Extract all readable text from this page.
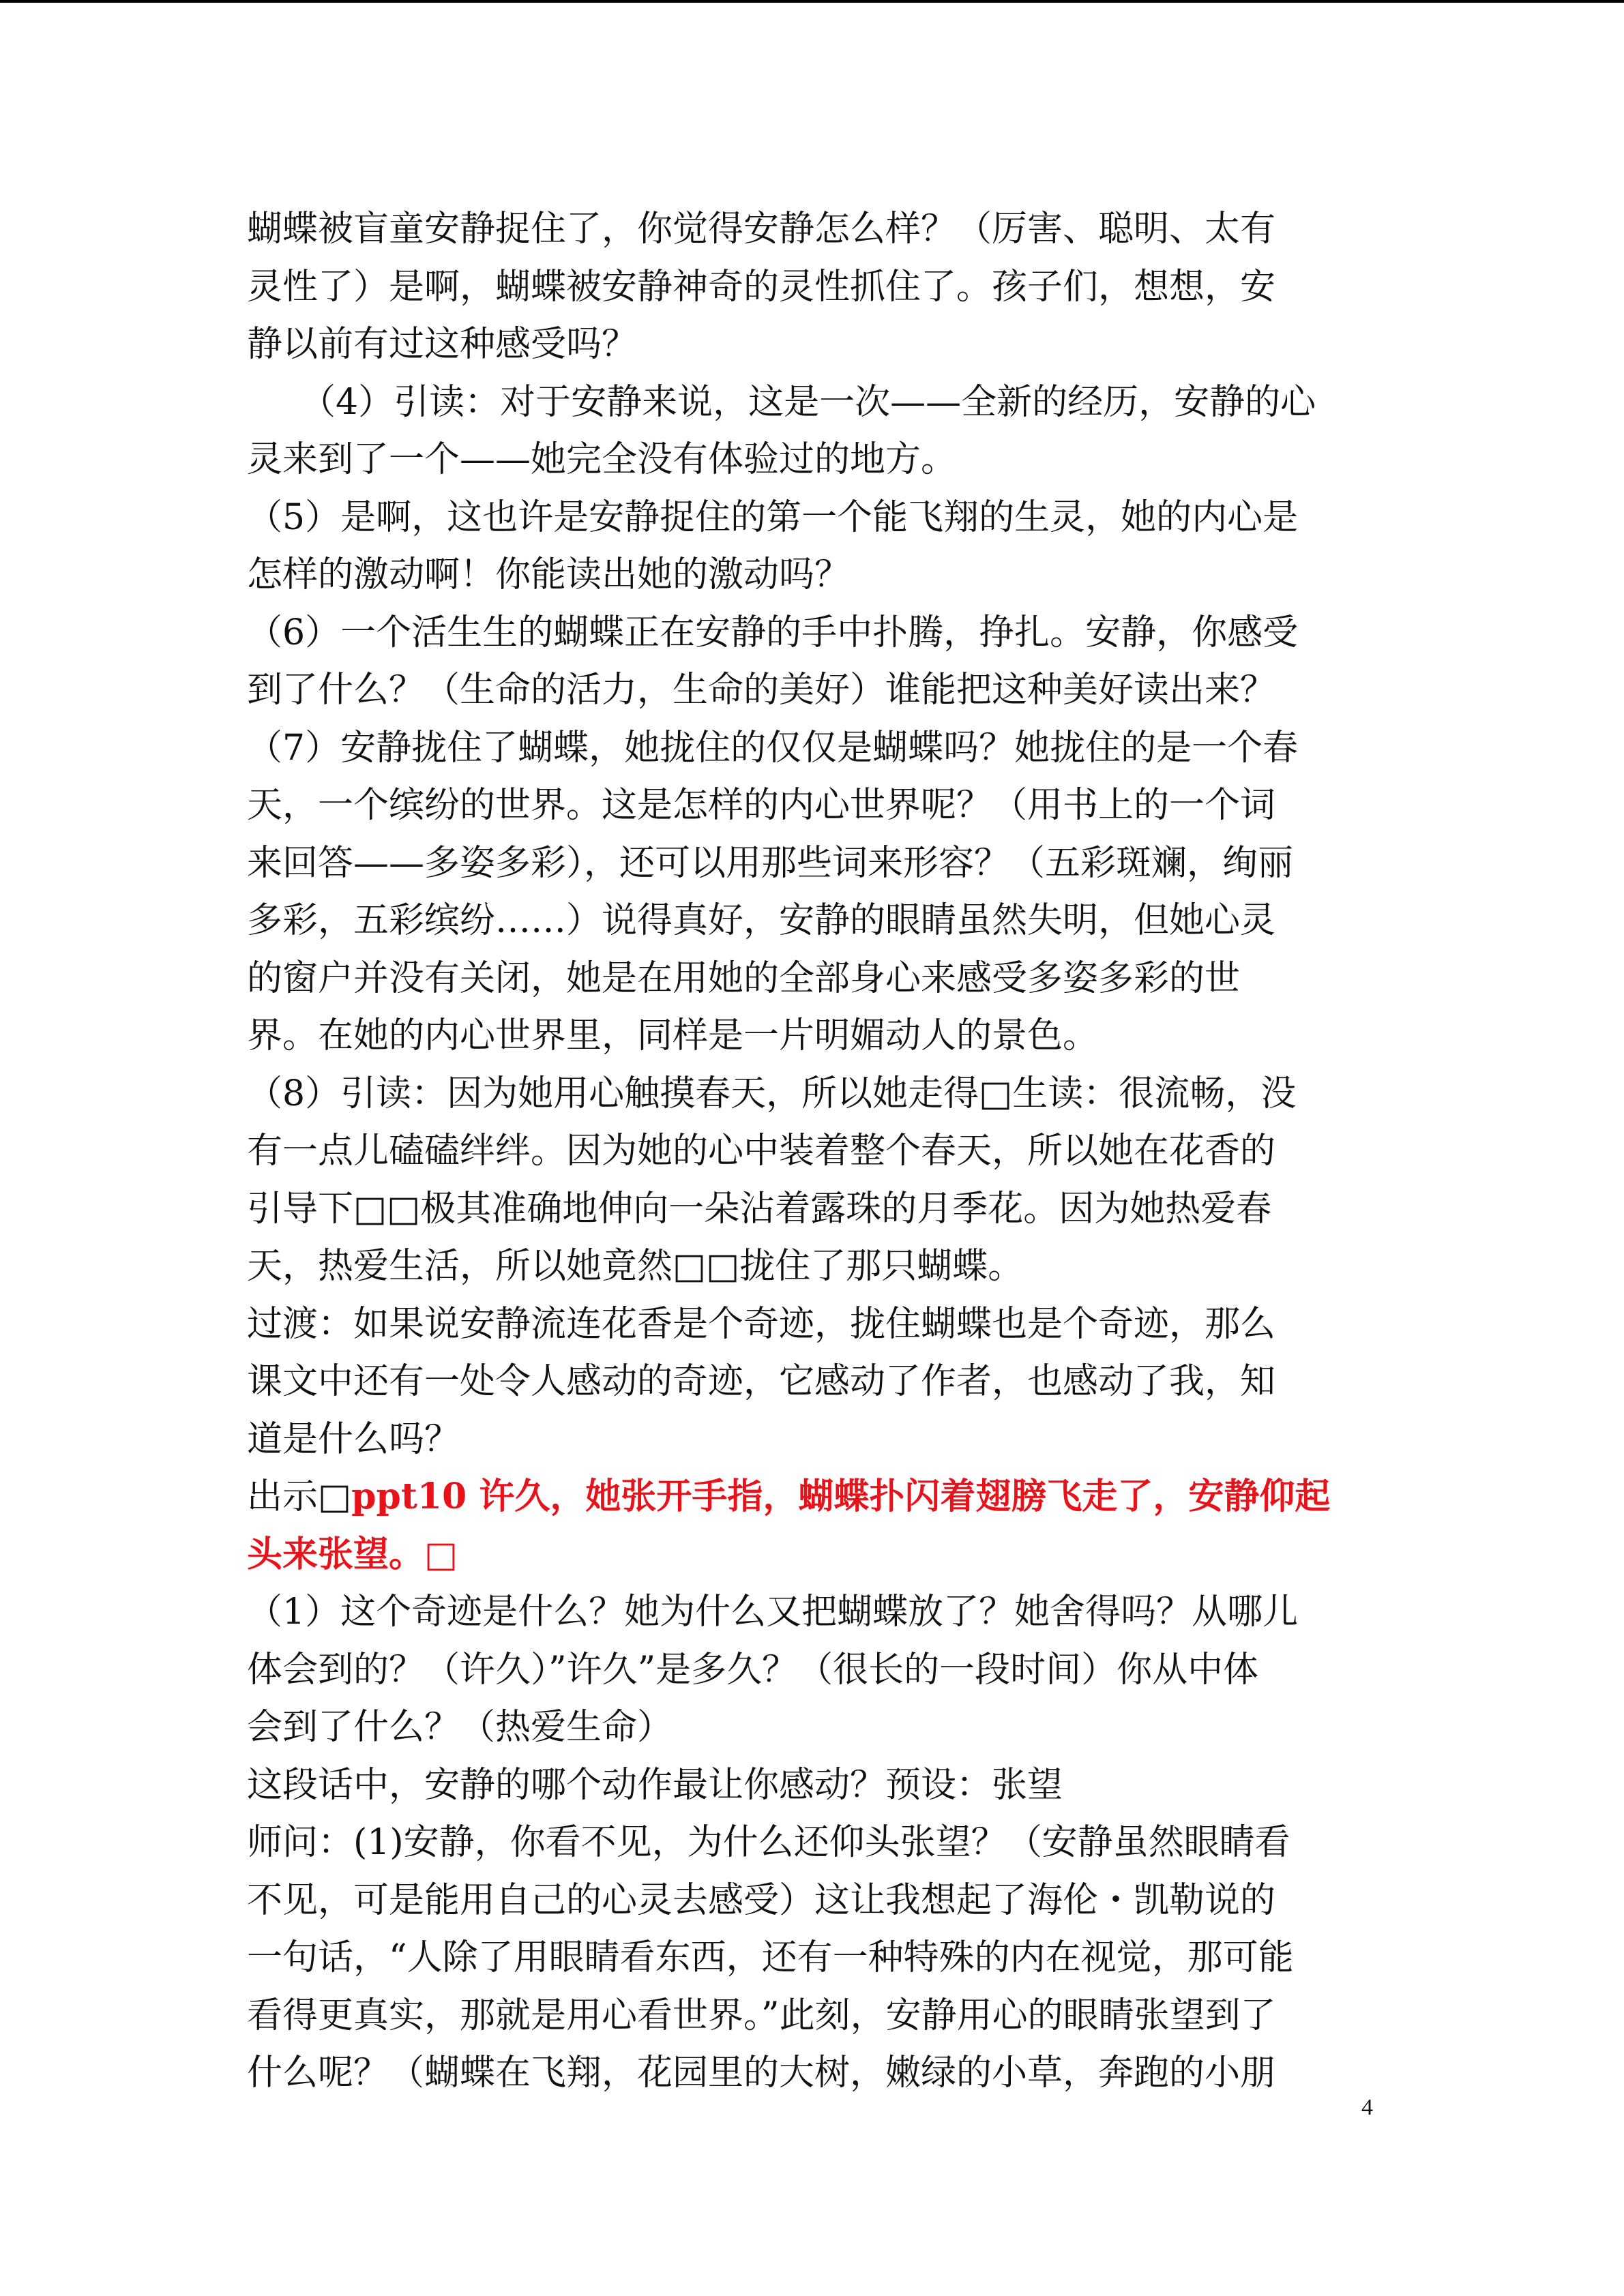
蝴蝶被盲童安静捉住了，你觉得安静怎么样？（厉害、聪明、太有
灵性了）是啊，蝴蝶被安静神奇的灵性抓住了。孩子们，想想，安
静以前有过这种感受吗？
（4）引读：对于安静来说，这是一次——全新的经历，安静的心
灵来到了一个——她完全没有体验过的地方。
（5）是啊，这也许是安静捉住的第一个能飞翔的生灵，她的内心是
怎样的激动啊！你能读出她的激动吗？
（6）一个活生生的蝴蝶正在安静的手中扑腾，挣扎。安静，你感受
到了什么？（生命的活力，生命的美好）谁能把这种美好读出来？
（7）安静拢住了蝴蝶，她拢住的仅仅是蝴蝶吗？她拢住的是一个春
天，一个缤纷的世界。这是怎样的内心世界呢？（用书上的一个词
来回答——多姿多彩），还可以用那些词来形容？（五彩斑斓，绚丽
多彩，五彩缤纷……）说得真好，安静的眼睛虽然失明，但她心灵
的窗户并没有关闭，她是在用她的全部身心来感受多姿多彩的世
界。在她的内心世界里，同样是一片明媚动人的景色。
（8）引读：因为她用心触摸春天，所以她走得□生读：很流畅，没
有一点儿磕磕绊绊。因为她的心中装着整个春天，所以她在花香的
引导下□□极其准确地伸向一朵沾着露珠的月季花。因为她热爱春
天，热爱生活，所以她竟然□□拢住了那只蝴蝶。
过渡：如果说安静流连花香是个奇迹，拢住蝴蝶也是个奇迹，那么
课文中还有一处令人感动的奇迹，它感动了作者，也感动了我，知
道是什么吗？
出示□ppt10 许久，她张开手指，蝴蝶扑闪着翅膀飞走了，安静仰起
头来张望。□
（1）这个奇迹是什么？她为什么又把蝴蝶放了？她舍得吗？从哪儿
体会到的？（许久）”许久”是多久？（很长的一段时间）你从中体
会到了什么？（热爱生命）
这段话中，安静的哪个动作最让你感动？预设：张望
师问：(1)安静，你看不见，为什么还仰头张望？（安静虽然眼睛看
不见，可是能用自己的心灵去感受）这让我想起了海伦・凯勒说的
一句话，“人除了用眼睛看东西，还有一种特殊的内在视觉，那可能
看得更真实，那就是用心看世界。”此刻，安静用心的眼睛张望到了
什么呢？（蝴蝶在飞翔，花园里的大树，嫩绿的小草，奔跑的小朋
4
